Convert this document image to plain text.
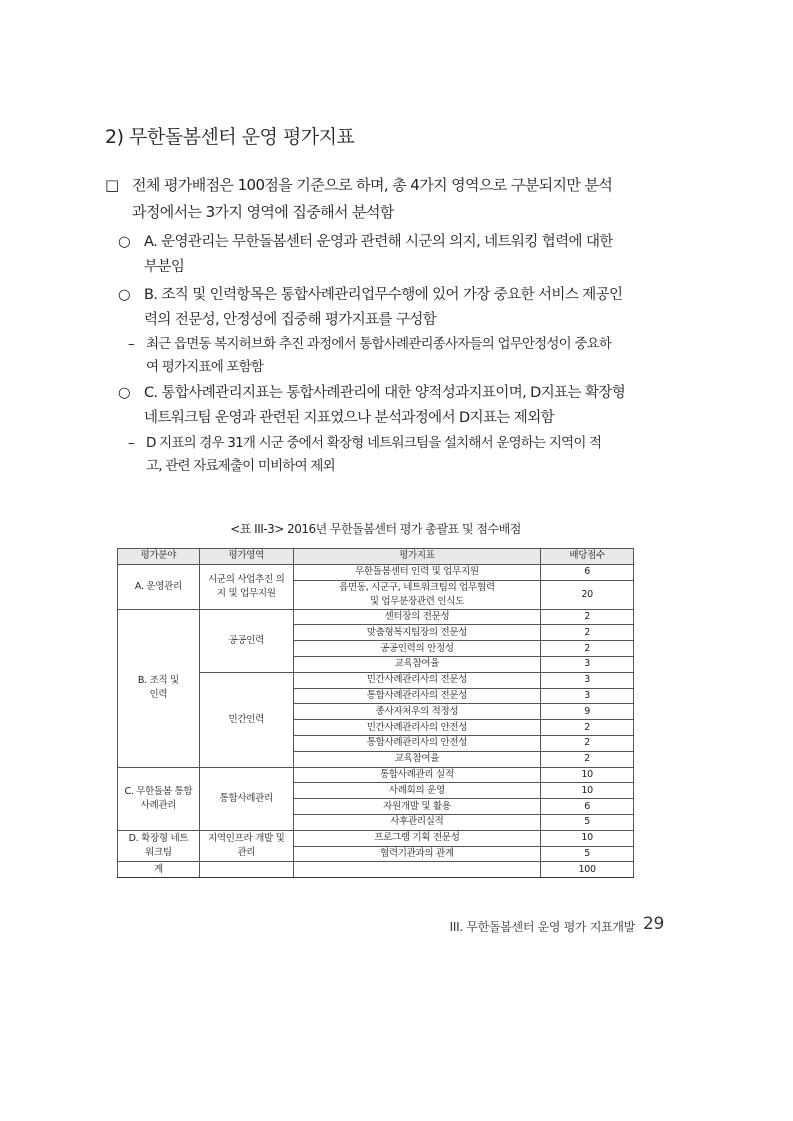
2) 무한돌봄센터 운영 평가지표
□ 전체 평가배점은 100점을 기준으로 하며, 총 4가지 영역으로 구분되지만 분석
과정에서는 3가지 영역에 집중해서 분석함
○ A. 운영관리는 무한돌봄센터 운영과 관련해 시군의 의지, 네트워킹 협력에 대한
부분임
○ B. 조직 및 인력항목은 통합사례관리업무수행에 있어 가장 중요한 서비스 제공인
력의 전문성, 안정성에 집중해 평가지표를 구성함
– 최근 읍면동 복지허브화 추진 과정에서 통합사례관리종사자들의 업무안정성이 중요하
여 평가지표에 포함함
○ C. 통합사례관리지표는 통합사례관리에 대한 양적성과지표이며, D지표는 확장형
네트워크팀 운영과 관련된 지표였으나 분석과정에서 D지표는 제외함
– D 지표의 경우 31개 시군 중에서 확장형 네트워크팀을 설치해서 운영하는 지역이 적
고, 관련 자료제출이 미비하여 제외
<표 III-3> 2016년 무한돌봄센터 평가 총괄표 및 점수배점
평가분야	평가영역	평가지표	배당점수
A. 운영관리	시군의 사업추진 의지 및 업무지원	무한돌봄센터 인력 및 업무지원	6
		읍면동, 시군구, 네트워크팀의 업무협력 및 업무분장관련 인식도	20

B. 조직 및 인력	공공인력	센터장의 전문성	2
		맞춤형복지팀장의 전문성	2
		공공인력의 안정성	2
		교육참여율	3
	민간인력	민간사례관리사의 전문성	3
		통합사례관리사의 전문성	3
		종사자처우의 적정성	9
		민간사례관리사의 안전성	2
		통합사례관리사의 안전성	2
		교육참여율	2
C. 무한돌봄 통합사례관리	통합사례관리	통합사례관리 실적	10
		사례회의 운영	10
		자원개발 및 활용	6
		사후관리실적	5
D. 확장형 네트워크팀	지역인프라 개발 및 관리	프로그램 기획 전문성	10
		협력기관과의 관계	5
계			100
III. 무한돌봄센터 운영 평가 지표개발 29
